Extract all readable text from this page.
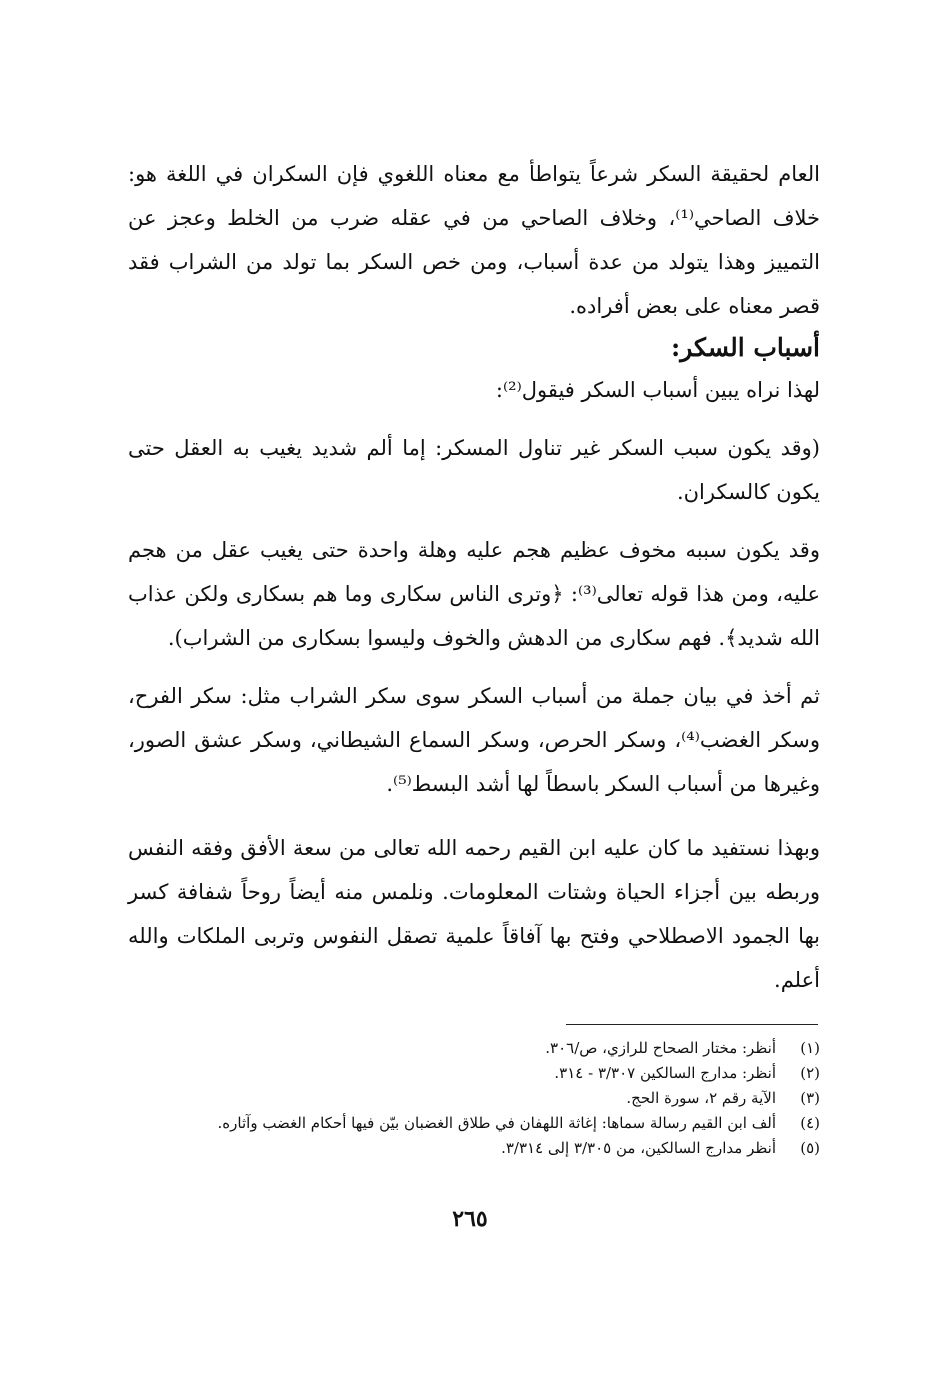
العام لحقيقة السكر شرعاً يتواطأ مع معناه اللغوي فإن السكران في اللغة هو: خلاف الصاحي⁽¹⁾، وخلاف الصاحي من في عقله ضرب من الخلط وعجز عن التمييز وهذا يتولد من عدة أسباب، ومن خص السكر بما تولد من الشراب فقد قصر معناه على بعض أفراده.

أسباب السكر:

لهذا نراه يبين أسباب السكر فيقول⁽²⁾:

(وقد يكون سبب السكر غير تناول المسكر: إما ألم شديد يغيب به العقل حتى يكون كالسكران.

وقد يكون سببه مخوف عظيم هجم عليه وهلة واحدة حتى يغيب عقل من هجم عليه، ومن هذا قوله تعالى⁽³⁾: ﴿وترى الناس سكارى وما هم بسكارى ولكن عذاب الله شديد﴾. فهم سكارى من الدهش والخوف وليسوا بسكارى من الشراب).

ثم أخذ في بيان جملة من أسباب السكر سوى سكر الشراب مثل: سكر الفرح، وسكر الغضب⁽⁴⁾، وسكر الحرص، وسكر السماع الشيطاني، وسكر عشق الصور، وغيرها من أسباب السكر باسطاً لها أشد البسط⁽⁵⁾.

وبهذا نستفيد ما كان عليه ابن القيم رحمه الله تعالى من سعة الأفق وفقه النفس وربطه بين أجزاء الحياة وشتات المعلومات. ونلمس منه أيضاً روحاً شفافة كسر بها الجمود الاصطلاحي وفتح بها آفاقاً علمية تصقل النفوس وتربى الملكات والله أعلم.

(١)
أنظر: مختار الصحاح للرازي، ص/٣٠٦.
(٢)
أنظر: مدارج السالكين ٣/٣٠٧ - ٣١٤.
(٣)
الآية رقم ٢، سورة الحج.
(٤)
ألف ابن القيم رسالة سماها: إغاثة اللهفان في طلاق الغضبان بيّن فيها أحكام الغضب وآثاره.
(٥)
أنظر مدارج السالكين، من ٣/٣٠٥ إلى ٣/٣١٤.
٢٦٥
